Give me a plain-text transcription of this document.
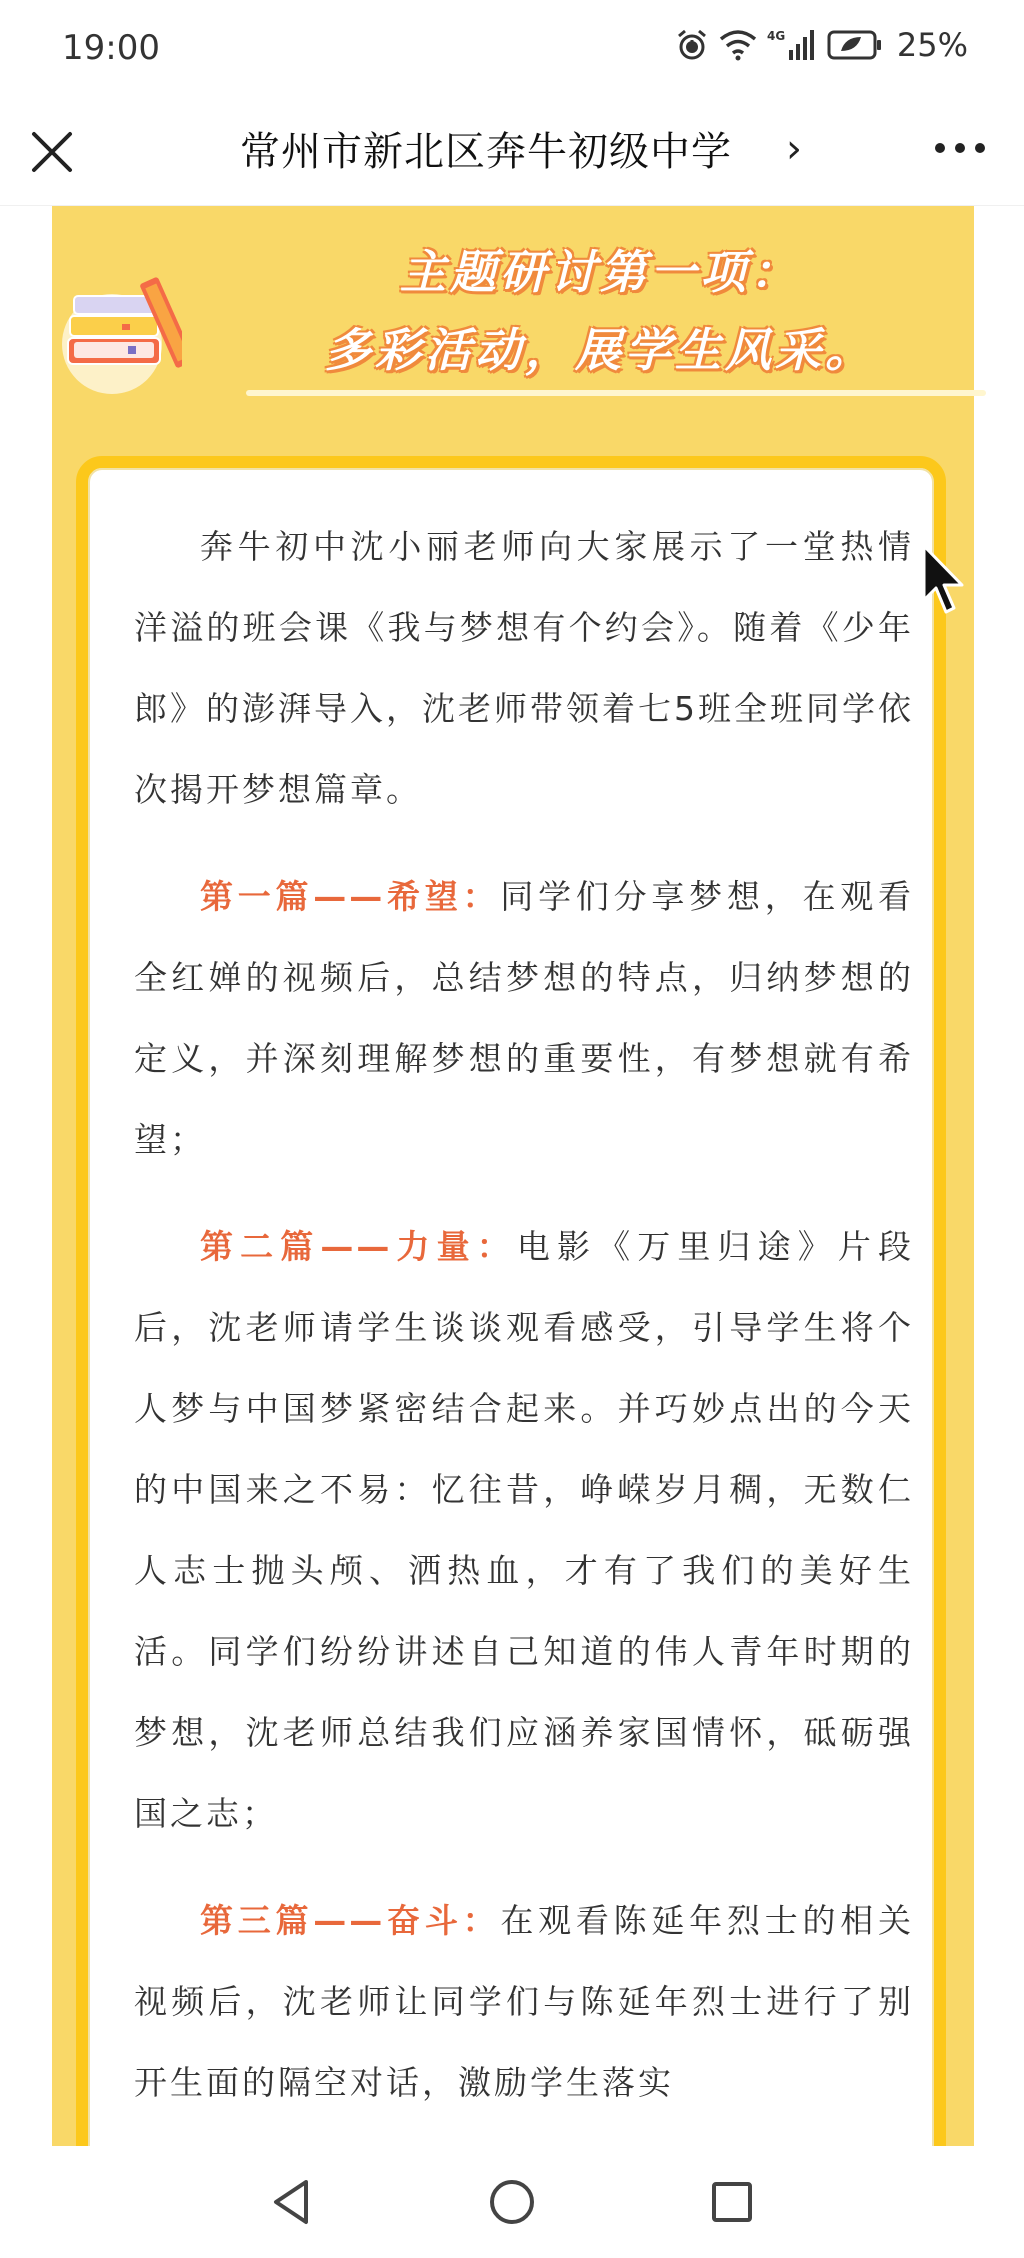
19:00	4G	25%
常州市新北区奔牛初级中学 ›
主题研讨第一项：
多彩活动，展学生风采。

奔牛初中沈小丽老师向大家展示了一堂热情洋溢的班会课《我与梦想有个约会》。随着《少年郎》的澎湃导入，沈老师带领着七5班全班同学依次揭开梦想篇章。

第一篇——希望：同学们分享梦想，在观看全红婵的视频后，总结梦想的特点，归纳梦想的定义，并深刻理解梦想的重要性，有梦想就有希望；

第二篇——力量：电影《万里归途》片段后，沈老师请学生谈谈观看感受，引导学生将个人梦与中国梦紧密结合起来。并巧妙点出的今天的中国来之不易：忆往昔，峥嵘岁月稠，无数仁人志士抛头颅、洒热血，才有了我们的美好生活。同学们纷纷讲述自己知道的伟人青年时期的梦想，沈老师总结我们应涵养家国情怀，砥砺强国之志；

第三篇——奋斗：在观看陈延年烈士的相关视频后，沈老师让同学们与陈延年烈士进行了别开生面的隔空对话，激励学生落实
